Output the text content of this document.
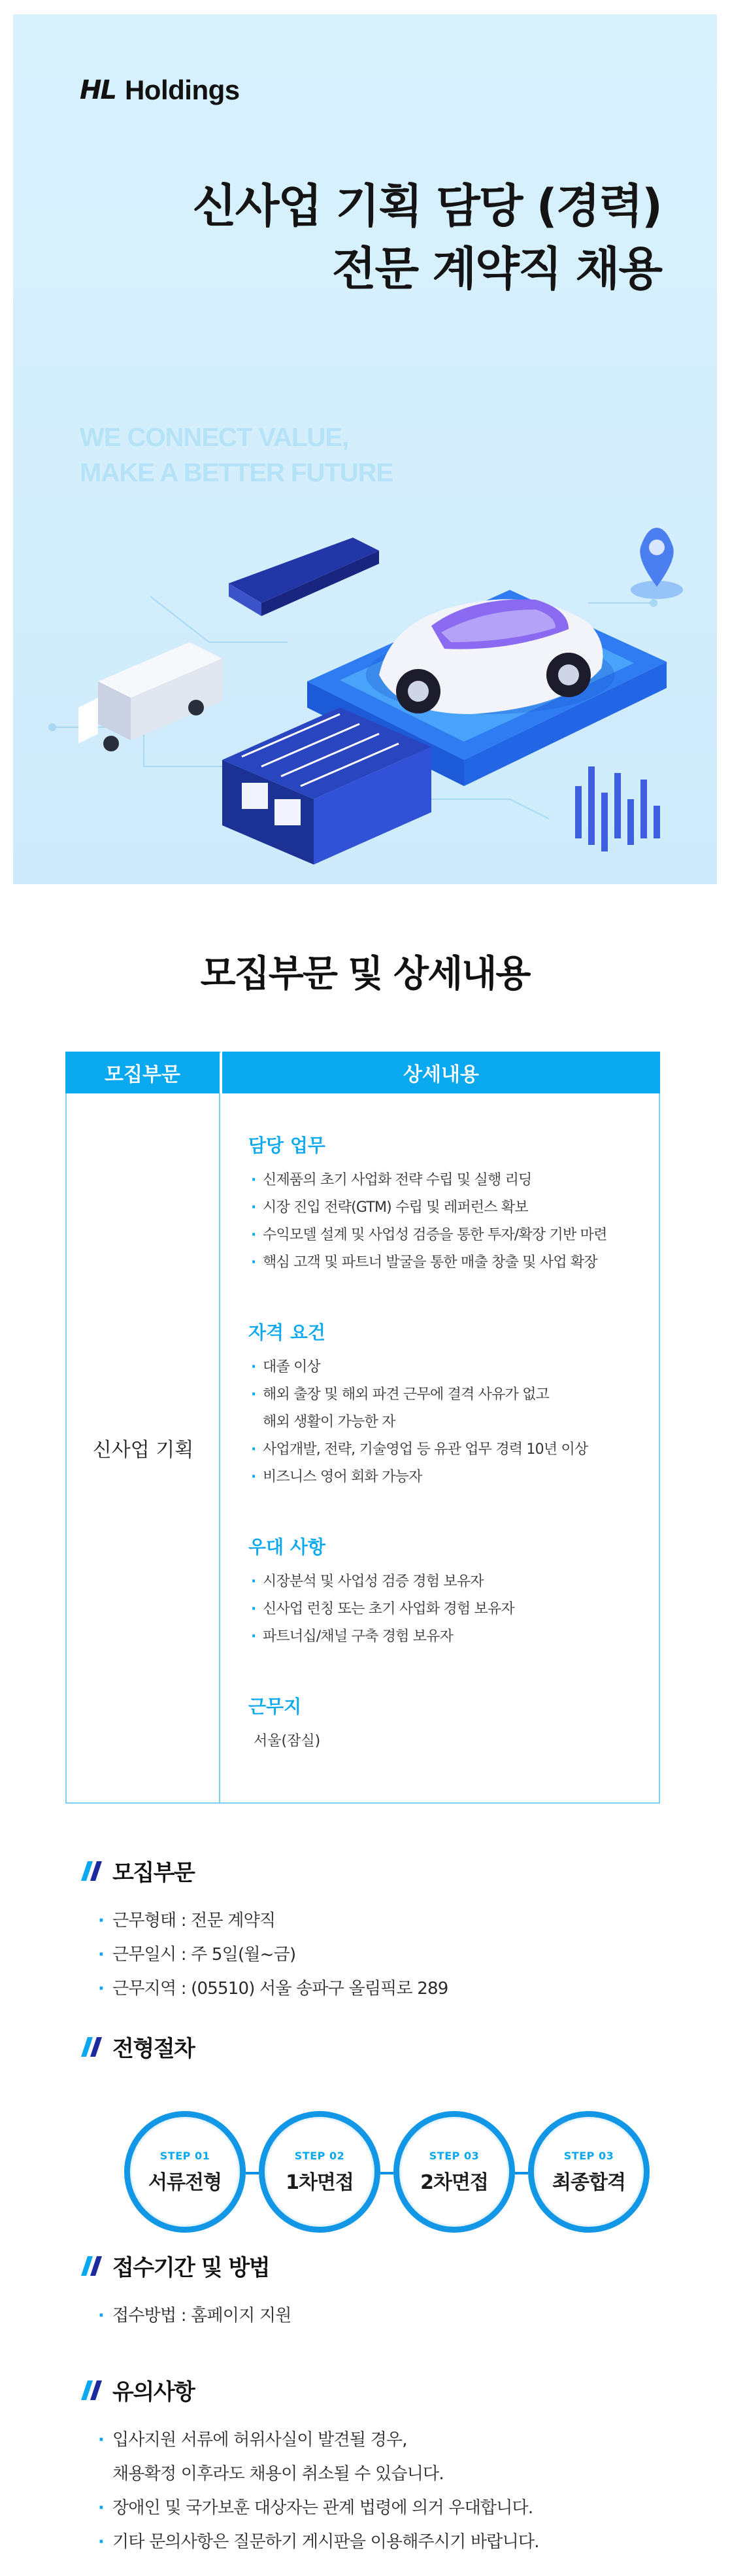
HL Holdings
신사업 기획 담당 (경력)
전문 계약직 채용
WE CONNECT VALUE,
MAKE A BETTER FUTURE
모집부문 및 상세내용
모집부문	상세내용
신사업 기획
담당 업무
· 신제품의 초기 사업화 전략 수립 및 실행 리딩
· 시장 진입 전략(GTM) 수립 및 레퍼런스 확보
· 수익모델 설계 및 사업성 검증을 통한 투자/확장 기반 마련
· 핵심 고객 및 파트너 발굴을 통한 매출 창출 및 사업 확장
자격 요건
· 대졸 이상
· 해외 출장 및 해외 파견 근무에 결격 사유가 없고
해외 생활이 가능한 자
· 사업개발, 전략, 기술영업 등 유관 업무 경력 10년 이상
· 비즈니스 영어 회화 가능자
우대 사항
· 시장분석 및 사업성 검증 경험 보유자
· 신사업 런칭 또는 초기 사업화 경험 보유자
· 파트너십/채널 구축 경험 보유자
근무지
서울(잠실)
모집부문
· 근무형태 : 전문 계약직
· 근무일시 : 주 5일(월~금)
· 근무지역 : (05510) 서울 송파구 올림픽로 289
전형절차
STEP 01
서류전형
STEP 02
1차면접
STEP 03
2차면접
STEP 03
최종합격
접수기간 및 방법
· 접수방법 : 홈페이지 지원
유의사항
· 입사지원 서류에 허위사실이 발견될 경우,
채용확정 이후라도 채용이 취소될 수 있습니다.
· 장애인 및 국가보훈 대상자는 관계 법령에 의거 우대합니다.
· 기타 문의사항은 질문하기 게시판을 이용해주시기 바랍니다.
